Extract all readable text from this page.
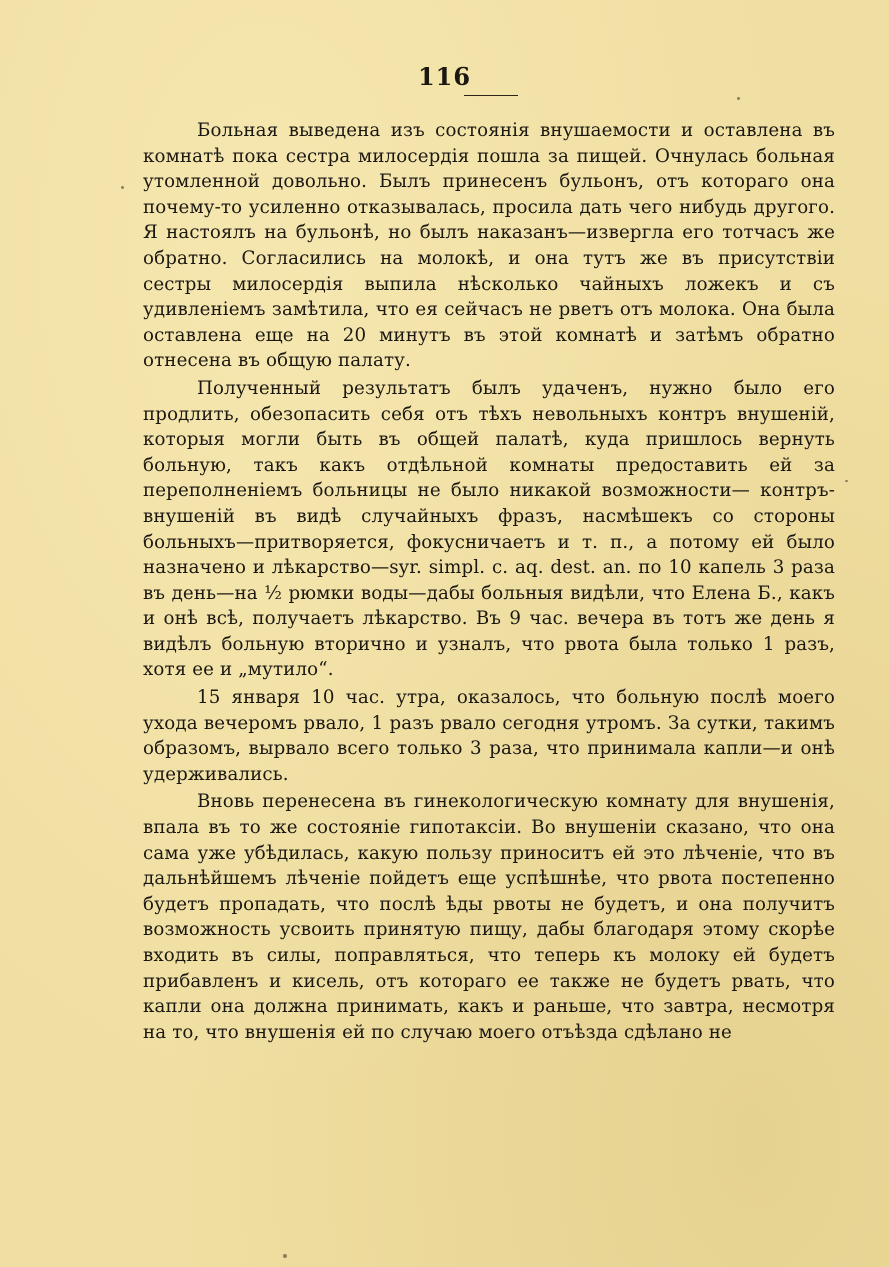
116

Больная выведена изъ состоянія внушаемости и оставлена въ комнатѣ пока сестра милосердія пошла за пищей. Очнулась больная утомленной довольно. Былъ принесенъ бульонъ, отъ котораго она почему-то усиленно отказывалась, просила дать чего нибудь другого. Я настоялъ на бульонѣ, но былъ наказанъ—извергла его тотчасъ же обратно. Согласились на молокѣ, и она тутъ же въ присутствіи сестры милосердія выпила нѣсколько чайныхъ ложекъ и съ удивленіемъ замѣтила, что ея сейчасъ не рветъ отъ молока. Она была оставлена еще на 20 минутъ въ этой комнатѣ и затѣмъ обратно отнесена въ общую палату.

Полученный результатъ былъ удаченъ, нужно было его продлить, обезопасить себя отъ тѣхъ невольныхъ контръ внушеній, которыя могли быть въ общей палатѣ, куда пришлось вернуть больную, такъ какъ отдѣльной комнаты предоставить ей за переполненіемъ больницы не было никакой возможности— контръ-внушеній въ видѣ случайныхъ фразъ, насмѣшекъ со стороны больныхъ—притворяется, фокусничаетъ и т. п., а потому ей было назначено и лѣкарство—syr. simpl. c. aq. dest. an. по 10 капель 3 раза въ день—на ½ рюмки воды—дабы больныя видѣли, что Елена Б., какъ и онѣ всѣ, получаетъ лѣкарство. Въ 9 час. вечера въ тотъ же день я видѣлъ больную вторично и узналъ, что рвота была только 1 разъ, хотя ее и „мутило“.

15 января 10 час. утра, оказалось, что больную послѣ моего ухода вечеромъ рвало, 1 разъ рвало сегодня утромъ. За сутки, такимъ образомъ, вырвало всего только 3 раза, что принимала капли—и онѣ удерживались.

Вновь перенесена въ гинекологическую комнату для внушенія, впала въ то же состояніе гипотаксіи. Во внушеніи сказано, что она сама уже убѣдилась, какую пользу приноситъ ей это лѣченіе, что въ дальнѣйшемъ лѣченіе пойдетъ еще успѣшнѣе, что рвота постепенно будетъ пропадать, что послѣ ѣды рвоты не будетъ, и она получитъ возможность усвоить принятую пищу, дабы благодаря этому скорѣе входить въ силы, поправляться, что теперь къ молоку ей будетъ прибавленъ и кисель, отъ котораго ее также не будетъ рвать, что капли она должна принимать, какъ и раньше, что завтра, несмотря на то, что внушенія ей по случаю моего отъѣзда сдѣлано не
